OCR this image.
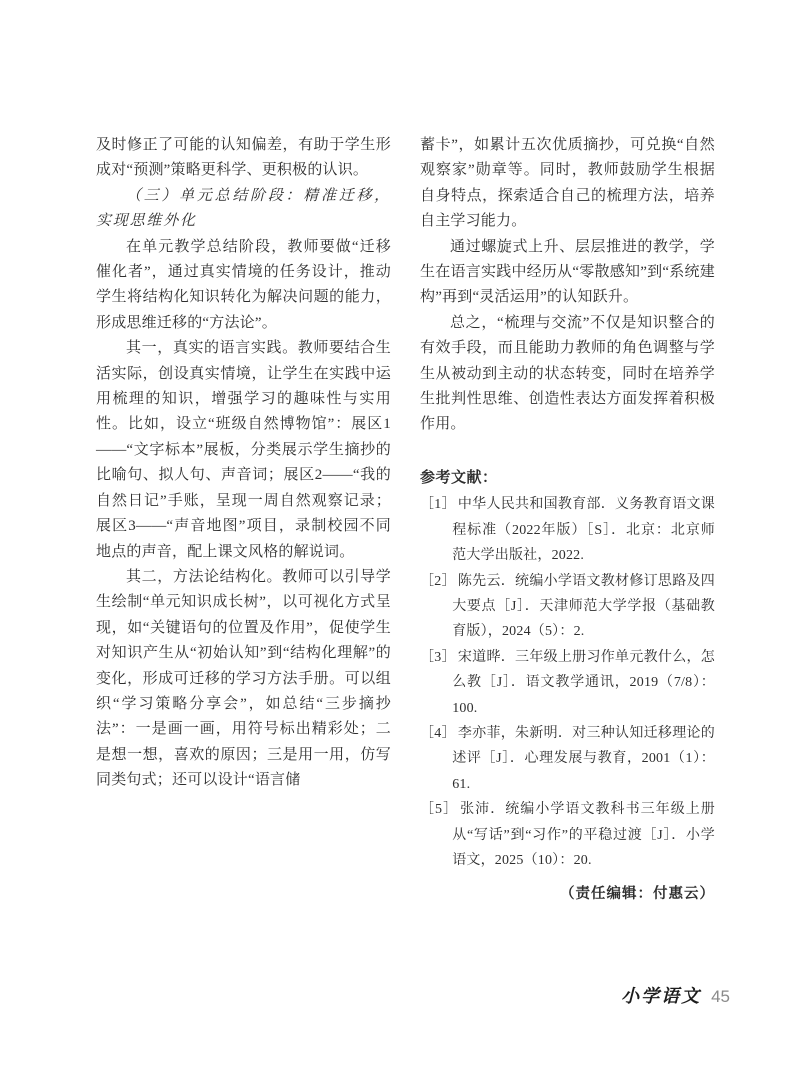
及时修正了可能的认知偏差，有助于学生形成对“预测”策略更科学、更积极的认识。

（三）单元总结阶段：精准迁移，实现思维外化

在单元教学总结阶段，教师要做“迁移催化者”，通过真实情境的任务设计，推动学生将结构化知识转化为解决问题的能力，形成思维迁移的“方法论”。

其一，真实的语言实践。教师要结合生活实际，创设真实情境，让学生在实践中运用梳理的知识，增强学习的趣味性与实用性。比如，设立“班级自然博物馆”：展区1——“文字标本”展板，分类展示学生摘抄的比喻句、拟人句、声音词；展区2——“我的自然日记”手账，呈现一周自然观察记录；展区3——“声音地图”项目，录制校园不同地点的声音，配上课文风格的解说词。

其二，方法论结构化。教师可以引导学生绘制“单元知识成长树”，以可视化方式呈现，如“关键语句的位置及作用”，促使学生对知识产生从“初始认知”到“结构化理解”的变化，形成可迁移的学习方法手册。可以组织“学习策略分享会”，如总结“三步摘抄法”：一是画一画，用符号标出精彩处；二是想一想，喜欢的原因；三是用一用，仿写同类句式；还可以设计“语言储

蓄卡”，如累计五次优质摘抄，可兑换“自然观察家”勋章等。同时，教师鼓励学生根据自身特点，探索适合自己的梳理方法，培养自主学习能力。

通过螺旋式上升、层层推进的教学，学生在语言实践中经历从“零散感知”到“系统建构”再到“灵活运用”的认知跃升。

总之，“梳理与交流”不仅是知识整合的有效手段，而且能助力教师的角色调整与学生从被动到主动的状态转变，同时在培养学生批判性思维、创造性表达方面发挥着积极作用。

参考文献：
［1］ 中华人民共和国教育部．义务教育语文课程标准（2022年版）［S］．北京：北京师范大学出版社，2022.
［2］ 陈先云．统编小学语文教材修订思路及四大要点［J］．天津师范大学学报（基础教育版），2024（5）：2.
［3］ 宋道晔．三年级上册习作单元教什么，怎么教［J］．语文教学通讯，2019（7/8）：100.
［4］ 李亦菲，朱新明．对三种认知迁移理论的述评［J］．心理发展与教育，2001（1）：61.
［5］ 张沛．统编小学语文教科书三年级上册从“写话”到“习作”的平稳过渡［J］．小学语文，2025（10）：20.
（责任编辑：付惠云）
小学语文 45
